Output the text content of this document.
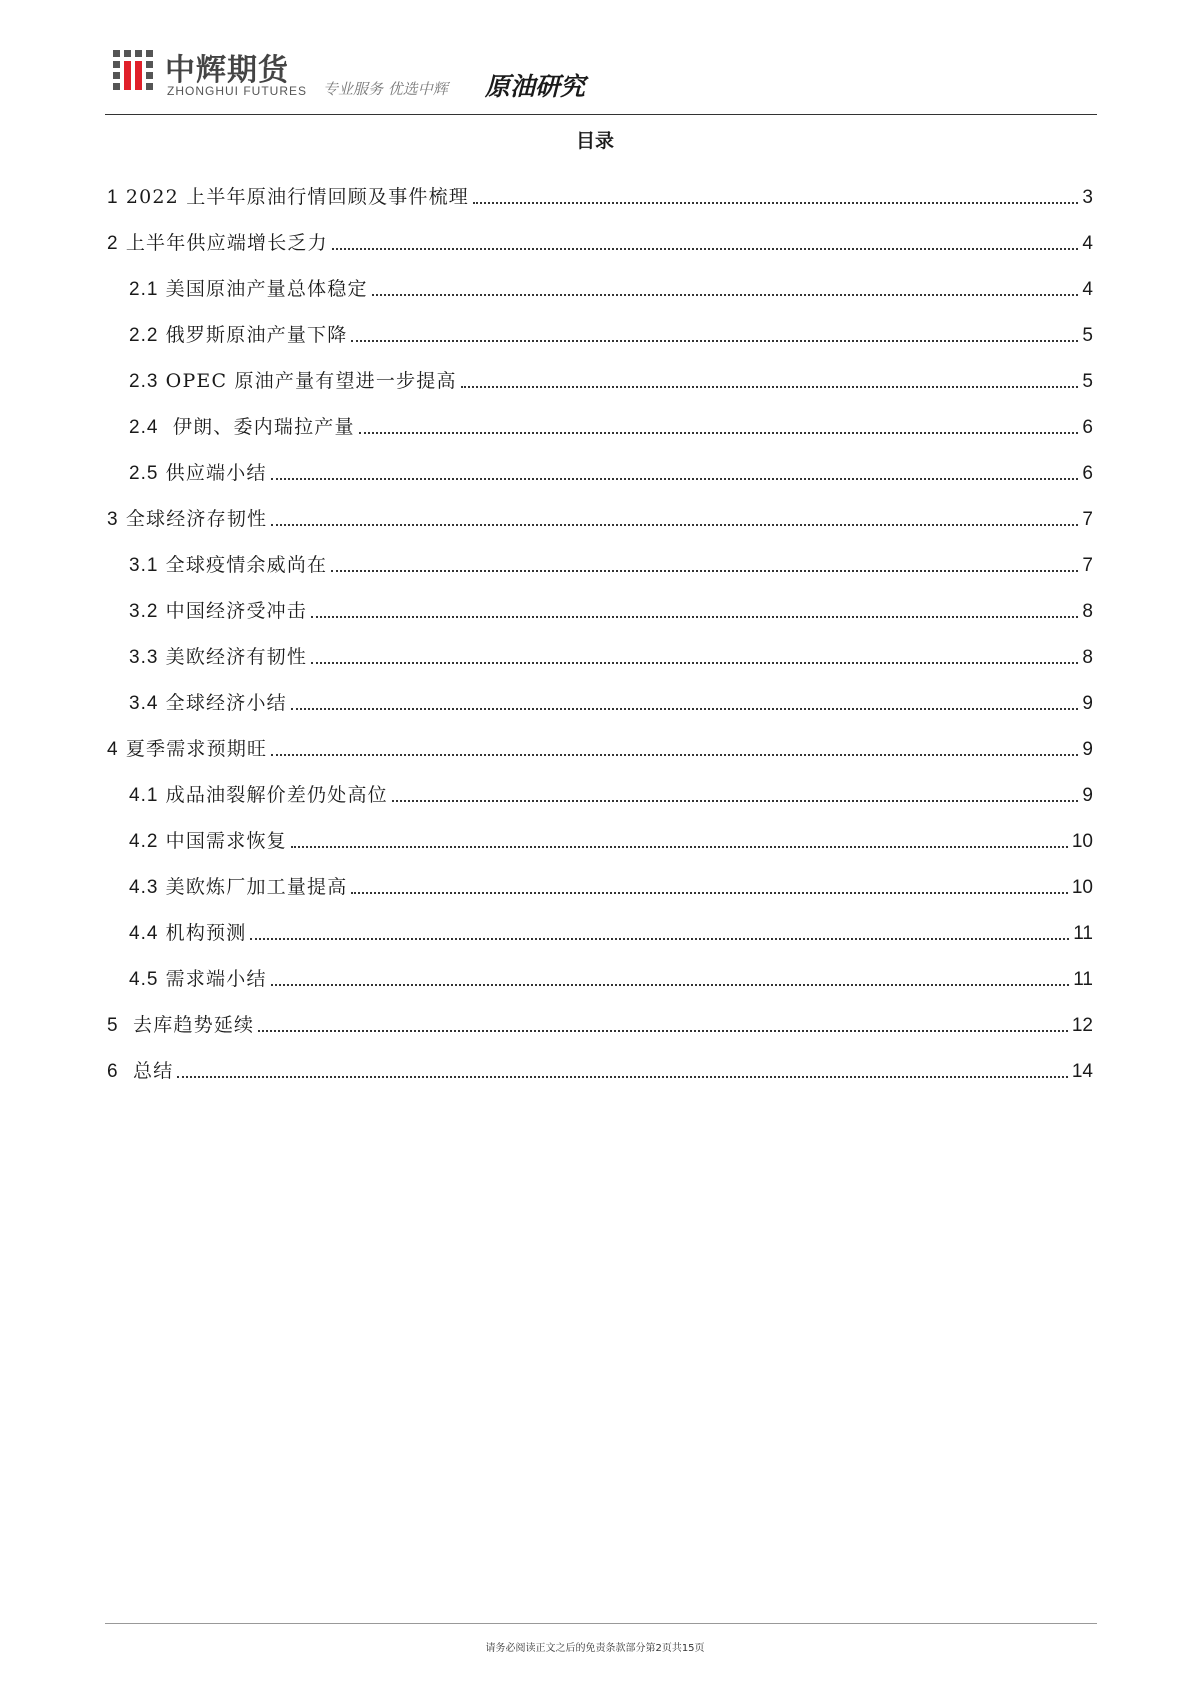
中辉期货
ZHONGHUI FUTURES 专业服务 优选中辉 原油研究
目录
1 2022 上半年原油行情回顾及事件梳理	3
2 上半年供应端增长乏力	4
2.1 美国原油产量总体稳定	4
2.2 俄罗斯原油产量下降	5
2.3 OPEC 原油产量有望进一步提高	5
2.4  伊朗、委内瑞拉产量	6
2.5 供应端小结	6
3 全球经济存韧性	7
3.1 全球疫情余威尚在	7
3.2 中国经济受冲击	8
3.3 美欧经济有韧性	8
3.4 全球经济小结	9
4 夏季需求预期旺	9
4.1 成品油裂解价差仍处高位	9
4.2 中国需求恢复	10
4.3 美欧炼厂加工量提高	10
4.4 机构预测	11
4.5 需求端小结	11
5  去库趋势延续	12
6  总结	14
请务必阅读正文之后的免责条款部分第2页共15页
